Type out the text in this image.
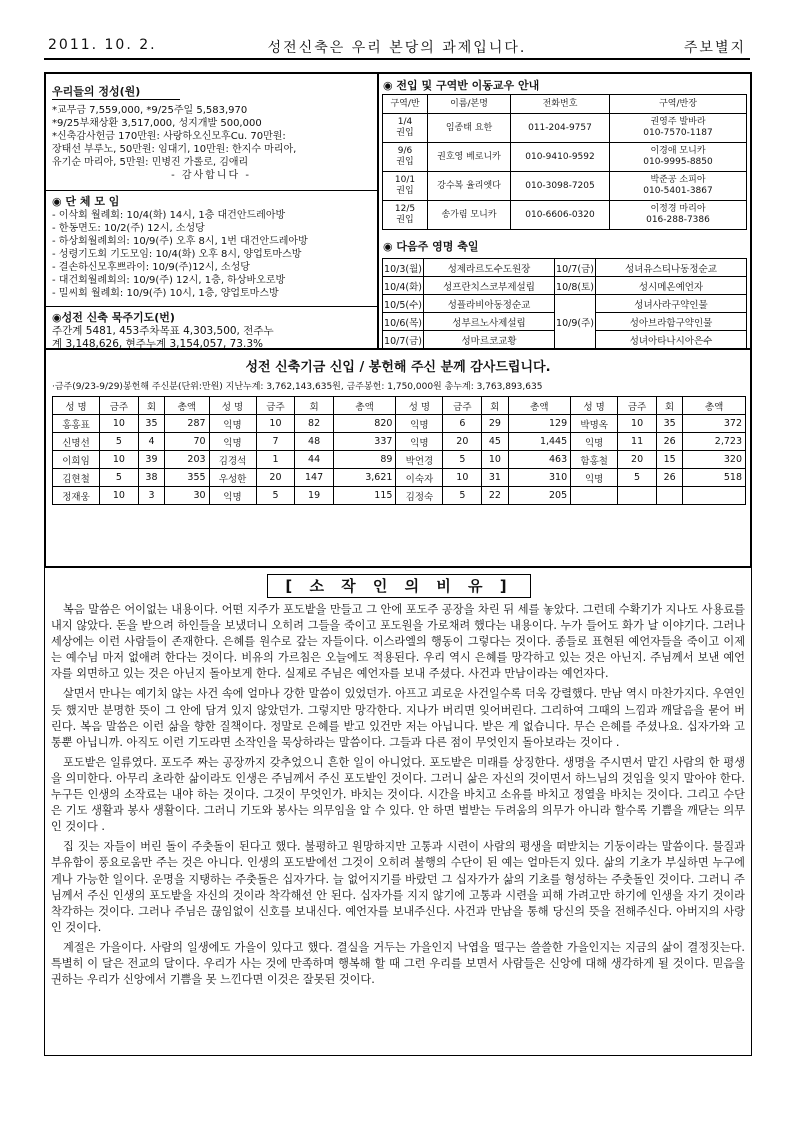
2011. 10. 2.	성전신축은 우리 본당의 과제입니다.	주보별지
우리들의 정성(원)
*교무금 7,559,000, *9/25주일 5,583,970
*9/25부채상환 3,517,000, 성지개발 500,000
*신축감사헌금 170만원: 사랑하오신모후Cu. 70만원:
장태선 부루노, 50만원: 임대기, 10만원: 한지수 마리아,
유기순 마리아, 5만원: 민병진 가롤로, 김애리
- 감사합니다 -
◉ 단 체 모 임
- 이삭회 월례회: 10/4(화) 14시, 1층 대건안드레아방
- 한동면도: 10/2(주) 12시, 소성당
- 하상회월례회의: 10/9(주) 오후 8시, 1번 대건안드레아방
- 성령기도회 기도모임: 10/4(화) 오후 8시, 양업토마스방
- 결손하신모후쁘라이: 10/9(주)12시, 소성당
- 대건회월례회의: 10/9(주) 12시, 1층, 하상바오로방
- 밀씨회 월례회: 10/9(주) 10시, 1층, 양업토마스방
◉성전 신축 묵주기도(번)
주간계 5481, 453주차목표 4,303,500, 전주누
계 3,148,626, 현주누계 3,154,057, 73.3%
◉ 전입 및 구역반 이동교우 안내
구역/반	이름/본명	전화번호	구역/반장
1/4
권입	임종태 요한	011-204-9757	권영주 발바라
010-7570-1187
9/6
권입	권호영 베로니카	010-9410-9592	이경애 모니카
010-9995-8850
10/1
권입	강수복 율리엣다	010-3098-7205	박준공 소피아
010-5401-3867
12/5
권입	송가림 모니카	010-6606-0320	이정경 마리아
016-288-7386
◉ 다음주 영명 축일
10/3(월)	성제라르도수도원장	10/7(금)	성녀유스티나동정순교
10/4(화)	성프란치스코부제설립	10/8(토)	성시메온예언자
10/5(수)	성플라비아동정순교	10/9(주)	성녀사라구약인물
10/6(목)	성부르노사제설립		성아브라함구약인물
10/7(금)	성마르코교황		성녀아타나시아은수
성전 신축기금 신입 / 봉헌해 주신 분께 감사드립니다.
·금주(9/23-9/29)봉헌해 주신분(단위:만원) 지난누계: 3,762,143,635원, 금주봉헌: 1,750,000원 총누계: 3,763,893,635
성 명	금주	회	총액	성 명	금주	회	총액	성 명	금주	회	총액	성 명	금주	회	총액
홍홍표	10	35	287	익명	10	82	820	익명	6	29	129	박명옥	10	35	372
신명선	5	4	70	익명	7	48	337	익명	20	45	1,445	익명	11	26	2,723
이희임	10	39	203	김경석	1	44	89	박언경	5	10	463	함홍철	20	15	320
김현철	5	38	355	우성한	20	147	3,621	이숙자	10	31	310	익명	5	26	518
정재웅	10	3	30	익명	5	19	115	김정숙	5	22	205				
[ 소 작 인 의 비 유 ]

복음 말씀은 어이없는 내용이다. 어떤 지주가 포도밭을 만들고 그 안에 포도주 공장을 차린 뒤 세를 놓았다. 그런데 수확기가 지나도 사용료를 내지 않았다. 돈을 받으려 하인들을 보냈더니 오히려 그들을 죽이고 포도원을 가로채려 했다는 내용이다. 누가 들어도 화가 날 이야기다. 그러나 세상에는 이런 사람들이 존재한다. 은혜를 원수로 갚는 자들이다. 이스라엘의 행동이 그렇다는 것이다. 종들로 표현된 예언자들을 죽이고 이제는 예수님 마저 없애려 한다는 것이다. 비유의 가르침은 오늘에도 적용된다. 우리 역시 은혜를 망각하고 있는 것은 아닌지. 주님께서 보낸 예언자를 외면하고 있는 것은 아닌지 돌아보게 한다. 실제로 주님은 예언자를 보내 주셨다. 사건과 만남이라는 예언자다.

살면서 만나는 예기치 않는 사건 속에 얼마나 강한 말씀이 있었던가. 아프고 괴로운 사건일수록 더욱 강렬했다. 만남 역시 마찬가지다. 우연인 듯 했지만 분명한 뜻이 그 안에 담겨 있지 않았던가. 그렇지만 망각한다. 지나가 버리면 잊어버린다. 그리하여 그때의 느낌과 깨달음을 묻어 버린다. 복음 말씀은 이런 삶을 향한 질책이다. 정말로 은혜를 받고 있건만 저는 아닙니다. 받은 게 없습니다. 무슨 은혜를 주셨나요. 십자가와 고통뿐 아닙니까. 아직도 이런 기도라면 소작인을 묵상하라는 말씀이다. 그들과 다른 점이 무엇인지 돌아보라는 것이다 .

포도밭은 일류였다. 포도주 짜는 공장까지 갖추었으니 흔한 일이 아니었다. 포도밭은 미래를 상징한다. 생명을 주시면서 맡긴 사람의 한 평생을 의미한다. 아무리 초라한 삶이라도 인생은 주님께서 주신 포도밭인 것이다. 그러니 삶은 자신의 것이면서 하느님의 것임을 잊지 말아야 한다. 누구든 인생의 소작료는 내야 하는 것이다. 그것이 무엇인가. 바치는 것이다. 시간을 바치고 소유를 바치고 정열을 바치는 것이다. 그리고 수단은 기도 생활과 봉사 생활이다. 그러니 기도와 봉사는 의무임을 알 수 있다. 안 하면 벌받는 두려움의 의무가 아니라 할수록 기쁨을 깨닫는 의무인 것이다 .

집 짓는 자들이 버린 돌이 주춧돌이 된다고 했다. 불평하고 원망하지만 고통과 시련이 사람의 평생을 떠받치는 기둥이라는 말씀이다. 물질과 부유함이 풍요로움만 주는 것은 아니다. 인생의 포도밭에선 그것이 오히려 불행의 수단이 된 예는 얼마든지 있다. 삶의 기초가 부실하면 누구에게나 가능한 일이다. 운명을 지탱하는 주춧돌은 십자가다. 늘 없어지기를 바랐던 그 십자가가 삶의 기초를 형성하는 주춧돌인 것이다. 그러니 주님께서 주신 인생의 포도밭을 자신의 것이라 착각해선 안 된다. 십자가를 지지 않기에 고통과 시련을 피해 가려고만 하기에 인생을 자기 것이라 착각하는 것이다. 그러나 주님은 끊임없이 신호를 보내신다. 예언자를 보내주신다. 사건과 만남을 통해 당신의 뜻을 전해주신다. 아버지의 사랑인 것이다.

계절은 가을이다. 사람의 일생에도 가을이 있다고 했다. 결실을 거두는 가을인지 낙엽을 떨구는 쓸쓸한 가을인지는 지금의 삶이 결정짓는다. 특별히 이 달은 전교의 달이다. 우리가 사는 것에 만족하며 행복해 할 때 그런 우리를 보면서 사람들은 신앙에 대해 생각하게 될 것이다. 믿음을 권하는 우리가 신앙에서 기쁨을 못 느낀다면 이것은 잘못된 것이다.
